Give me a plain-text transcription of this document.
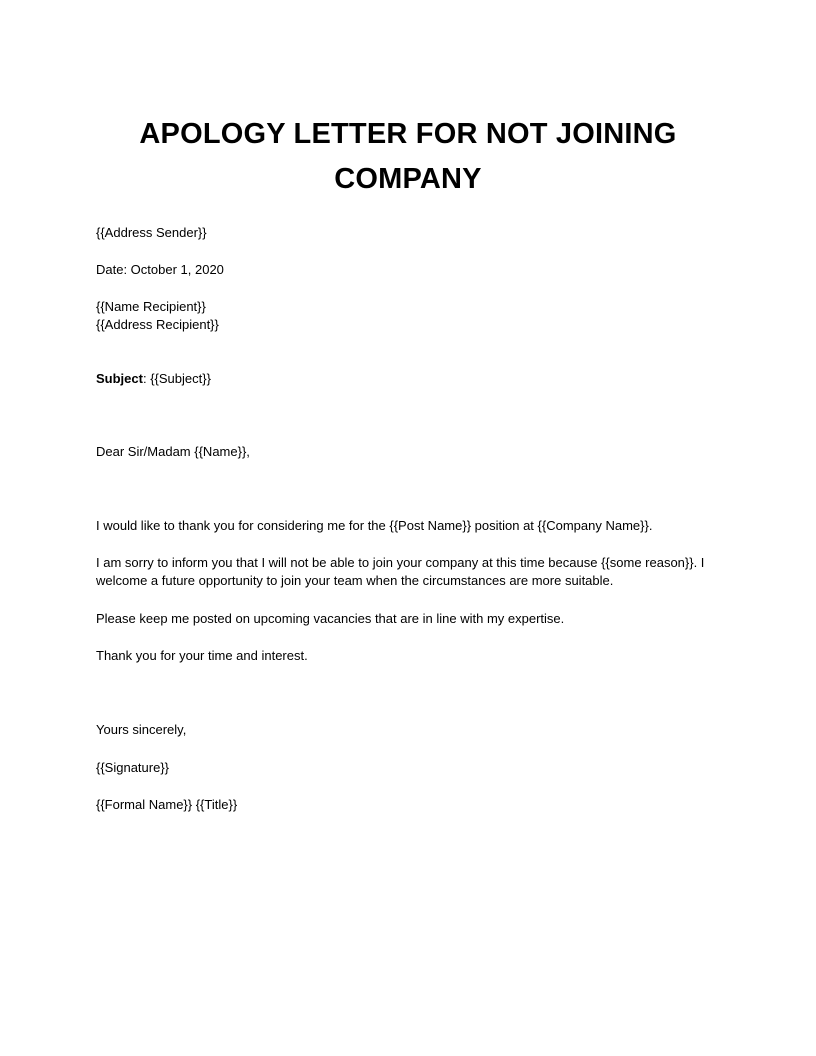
APOLOGY LETTER FOR NOT JOINING COMPANY
{{Address Sender}}
Date: October 1, 2020
{{Name Recipient}}
{{Address Recipient}}
Subject: {{Subject}}
Dear Sir/Madam {{Name}},
I would like to thank you for considering me for the {{Post Name}} position at {{Company Name}}.
I am sorry to inform you that I will not be able to join your company at this time because {{some reason}}. I welcome a future opportunity to join your team when the circumstances are more suitable.
Please keep me posted on upcoming vacancies that are in line with my expertise.
Thank you for your time and interest.
Yours sincerely,
{{Signature}}
{{Formal Name}} {{Title}}
